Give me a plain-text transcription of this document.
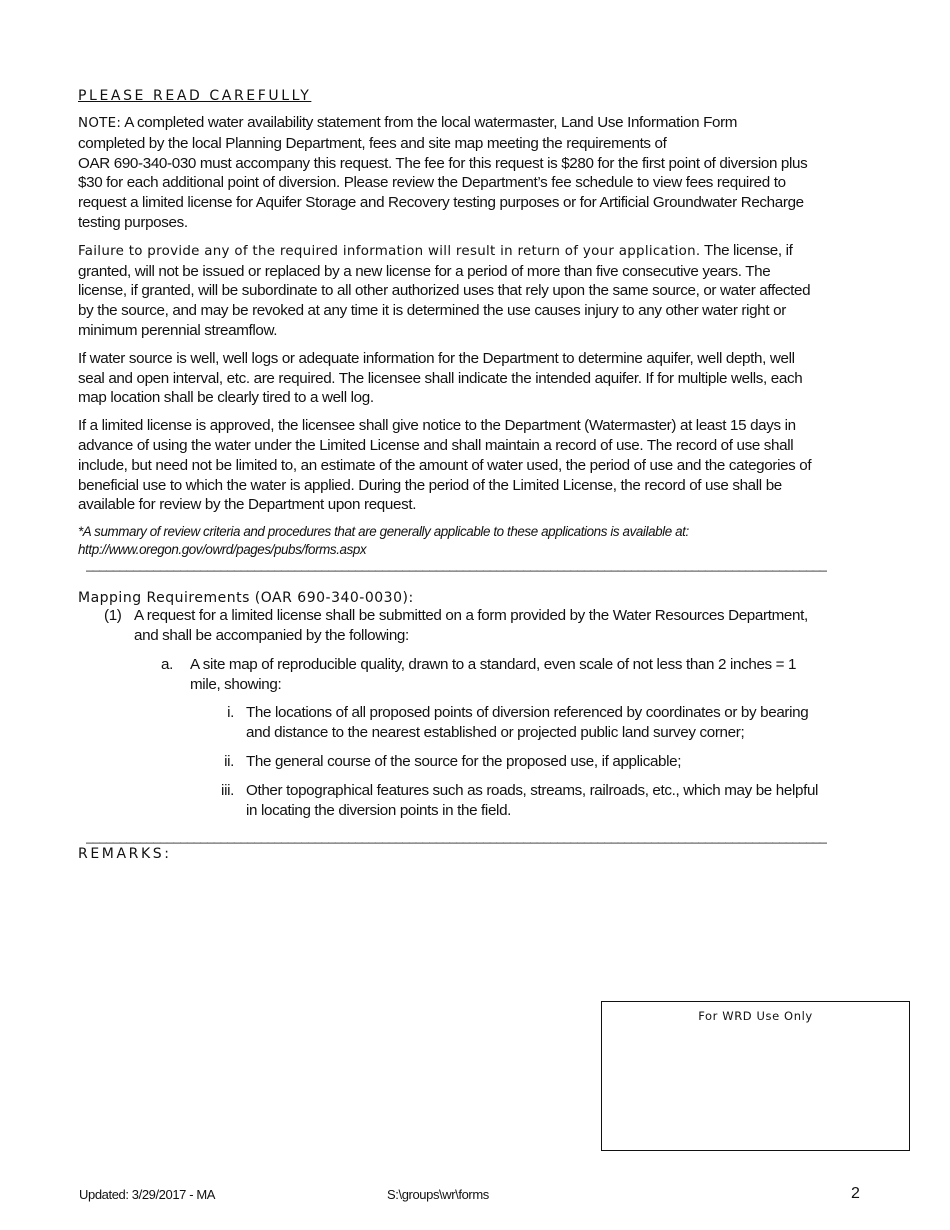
PLEASE READ CAREFULLY
NOTE: A completed water availability statement from the local watermaster, Land Use Information Form
completed by the local Planning Department, fees and site map meeting the requirements of
OAR 690-340-030 must accompany this request. The fee for this request is $280 for the first point of diversion plus
$30 for each additional point of diversion. Please review the Department’s fee schedule to view fees required to
request a limited license for Aquifer Storage and Recovery testing purposes or for Artificial Groundwater Recharge
testing purposes.
Failure to provide any of the required information will result in return of your application. The license, if
granted, will not be issued or replaced by a new license for a period of more than five consecutive years. The
license, if granted, will be subordinate to all other authorized uses that rely upon the same source, or water affected
by the source, and may be revoked at any time it is determined the use causes injury to any other water right or
minimum perennial streamflow.
If water source is well, well logs or adequate information for the Department to determine aquifer, well depth, well
seal and open interval, etc. are required. The licensee shall indicate the intended aquifer. If for multiple wells, each
map location shall be clearly tired to a well log.
If a limited license is approved, the licensee shall give notice to the Department (Watermaster) at least 15 days in
advance of using the water under the Limited License and shall maintain a record of use. The record of use shall
include, but need not be limited to, an estimate of the amount of water used, the period of use and the categories of
beneficial use to which the water is applied. During the period of the Limited License, the record of use shall be
available for review by the Department upon request.
*A summary of review criteria and procedures that are generally applicable to these applications is available at:
http://www.oregon.gov/owrd/pages/pubs/forms.aspx
______________________________________________________________________________________________________________
Mapping Requirements (OAR 690-340-0030):
(1) A request for a limited license shall be submitted on a form provided by the Water Resources Department,
and shall be accompanied by the following:
a. A site map of reproducible quality, drawn to a standard, even scale of not less than 2 inches = 1
mile, showing:
i. The locations of all proposed points of diversion referenced by coordinates or by bearing
and distance to the nearest established or projected public land survey corner;
ii. The general course of the source for the proposed use, if applicable;
iii. Other topographical features such as roads, streams, railroads, etc., which may be helpful
in locating the diversion points in the field.
______________________________________________________________________________________________________________
REMARKS:
For WRD Use Only
Updated: 3/29/2017 - MA	S:\groups\wr\forms	2
